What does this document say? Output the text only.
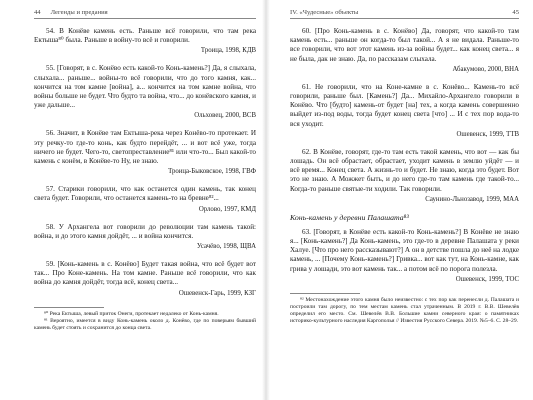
44	Легенды и предания

54. В Конёве камень есть. Раньше всё говорили, что там река Ектыша⁸⁰ была. Раньше в войну-то всё и говорили.

Троица, 1998, КДВ

55. [Говорят, в с. Конёво есть какой-то Конь-камень?] Да, я слыхала, слыхала... раньше... войны-то всё говорили, что до того камня, как... кончится на том камне [война], а... кончится на том камне война, что войны больше не будет. Что будто та война, что... до конёвского камня, и уже дальше...

Ольховец, 2000, ВСВ

56. Значит, в Конёве там Ектыша-река через Конёво-то протекает. И эту речку-то где-то конь, как будто перейдёт, ... и вот всё уже, тогда ничего не будет. Чего-то, светопреставление⁸¹ или что-то... Был какой-то камень с конём, в Конёве-то Ну, не знаю.

Троица-Быковское, 1998, ГВФ

57. Старики говорили, что как останется один камень, так конец света будет. Говорили, что останется камень-то на бревне⁸²...

Орлово, 1997, КМД

58. У Архангела вот говорили до революции там камень такой: война, и до этого камня дойдёт, ... и война кончится.

Усачёво, 1998, ЩВА

59. [Конь-камень в с. Конёво] Будет такая война, что всё будет вот так... Про Коне-камень. На том камне. Раньше всё говорили, что как война до камня дойдёт, тогда всё, конец света...

Ошевенск-Гарь, 1999, КЗГ

⁸⁰ Река Ектыша, левый приток Онеги, протекает недалеко от Конь-камня.

⁸¹ Вероятно, имеется в виду Конь-камень около д. Конёво, где по поверьям бывший камень будет стоять и сохранится до конца света.

IV. «Чудесные» объекты	45

60. [Про Конь-камень в с. Конёво] Да, говорят, что какой-то там камень есть... раньше он когда-то был такой... А я не видала. Раньше-то все говорили, что вот этот камень из-за войны будет... как конец света... я не была, дак не знаю. Да, по рассказам слыхала.

Абакумово, 2000, ВНА

61. Не говорили, что на Коне-камне в с. Конёво... Камень-то всё говорили, раньше был. [Камень?] Да... Михайло-Архангело говорили в Конёво. Что [будто] камень-от будет [на] тех, а когда камень совершенно выйдет из-под воды, тогда будет конец света [что] ... И с тех пор вода-то вся уходит.

Ошевенск, 1999, ТТВ

62. В Конёве, говорят, где-то там есть такой камень, что вот — как бы лошадь. Он всё обрастает, обрастает, уходит камень в землю уйдёт — и всё время... Конец света. А жизнь-то и будет. Не знаю, когда это будет. Вот это не знаю. А Можжет быть, и до него где-то там камень где такой-то... Когда-то раньше святые-ти ходили. Так говорили.

Саунино-Льнозавод, 1999, МАА
Конь-камень у деревни Палашата⁸³

63. [Говорят, в Конёве есть какой-то Конь-камень?] В Конёве не знаю я... [Конь-камень?] Да Конь-камень, это где-то в деревне Палашата у реки Халуе. [Что про него рассказывают?] А он в детстве пошла до неё на лодке камень, ... [Почему Конь-камень?] Гривка... вот как тут, на Конь-камне, как грива у лошади, это вот камень так... а потом всё по порога полезла.

Ошевенск, 1999, ТОС

⁸² Местонахождение этого камня было неизвестно: с тех пор как перенесли д. Палашата и построили там дорогу, по тем местам камень стал утраченным. В 2019 г. В.В. Шевелёв определил его место. См. Шевелёв В.В. Большие камни северного края: о памятниках историко-культурного наследия Каргополья // Известия Русского Севера. 2019. №5–6. С. 28–29.
